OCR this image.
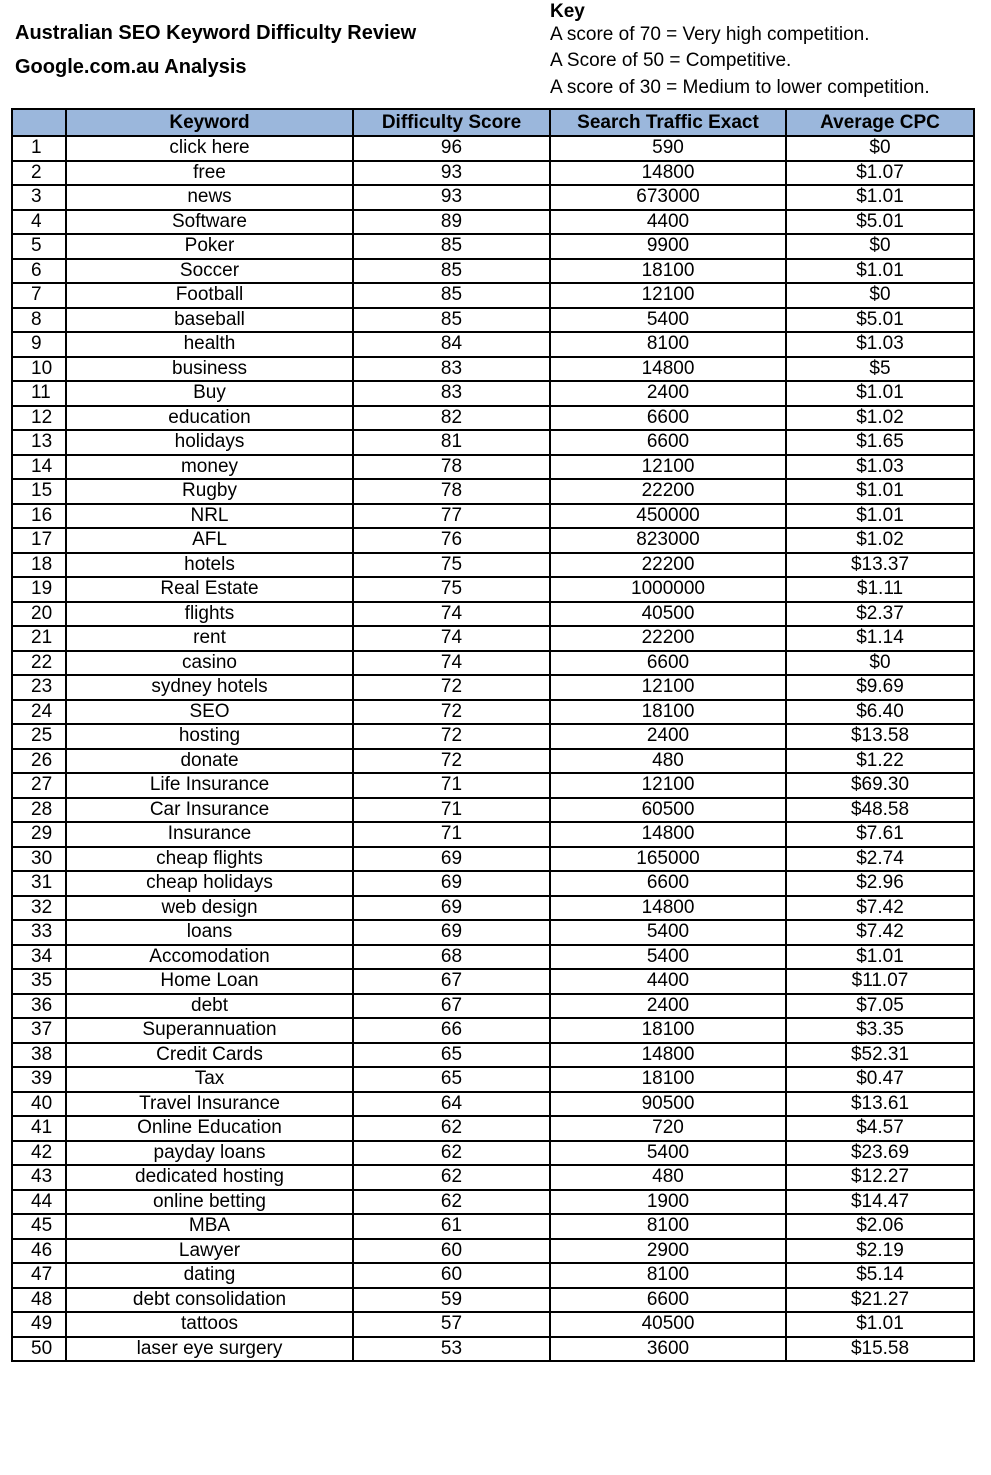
Australian SEO Keyword Difficulty Review
Google.com.au Analysis
Key
A score of 70 = Very high competition.
A Score of 50 = Competitive.
A score of 30 = Medium to lower competition.
	Keyword	Difficulty Score	Search Traffic Exact	Average CPC
1	click here	96	590	$0
2	free	93	14800	$1.07
3	news	93	673000	$1.01
4	Software	89	4400	$5.01
5	Poker	85	9900	$0
6	Soccer	85	18100	$1.01
7	Football	85	12100	$0
8	baseball	85	5400	$5.01
9	health	84	8100	$1.03
10	business	83	14800	$5
11	Buy	83	2400	$1.01
12	education	82	6600	$1.02
13	holidays	81	6600	$1.65
14	money	78	12100	$1.03
15	Rugby	78	22200	$1.01
16	NRL	77	450000	$1.01
17	AFL	76	823000	$1.02
18	hotels	75	22200	$13.37
19	Real Estate	75	1000000	$1.11
20	flights	74	40500	$2.37
21	rent	74	22200	$1.14
22	casino	74	6600	$0
23	sydney hotels	72	12100	$9.69
24	SEO	72	18100	$6.40
25	hosting	72	2400	$13.58
26	donate	72	480	$1.22
27	Life Insurance	71	12100	$69.30
28	Car Insurance	71	60500	$48.58
29	Insurance	71	14800	$7.61
30	cheap flights	69	165000	$2.74
31	cheap holidays	69	6600	$2.96
32	web design	69	14800	$7.42
33	loans	69	5400	$7.42
34	Accomodation	68	5400	$1.01
35	Home Loan	67	4400	$11.07
36	debt	67	2400	$7.05
37	Superannuation	66	18100	$3.35
38	Credit Cards	65	14800	$52.31
39	Tax	65	18100	$0.47
40	Travel Insurance	64	90500	$13.61
41	Online Education	62	720	$4.57
42	payday loans	62	5400	$23.69
43	dedicated hosting	62	480	$12.27
44	online betting	62	1900	$14.47
45	MBA	61	8100	$2.06
46	Lawyer	60	2900	$2.19
47	dating	60	8100	$5.14
48	debt consolidation	59	6600	$21.27
49	tattoos	57	40500	$1.01
50	laser eye surgery	53	3600	$15.58
